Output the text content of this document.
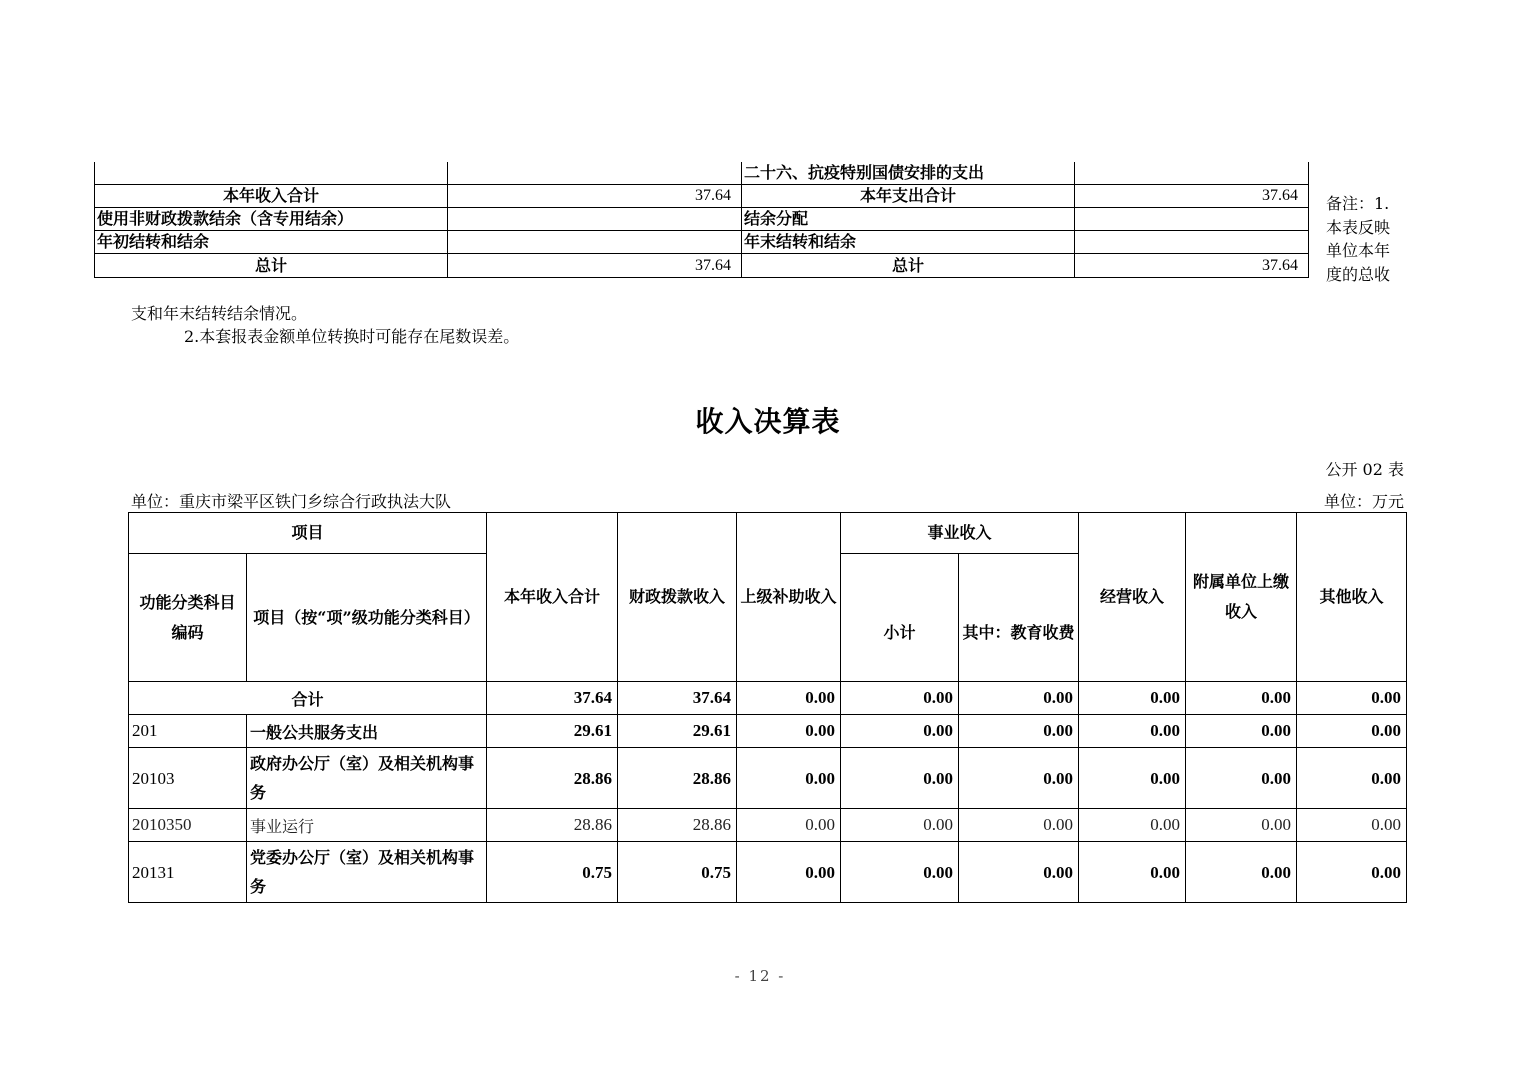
		二十六、抗疫特别国债安排的支出	
本年收入合计	37.64	本年支出合计	37.64
使用非财政拨款结余（含专用结余）		结余分配	
年初结转和结余		年末结转和结余	
总计	37.64	总计	37.64
备注：1.本表反映单位本年度的总收
支和年末结转结余情况。
2.本套报表金额单位转换时可能存在尾数误差。
收入决算表
公开 02 表
单位：重庆市梁平区铁门乡综合行政执法大队	单位：万元
项目		本年收入合计	财政拨款收入	上级补助收入	事业收入		经营收入	附属单位上缴收入	其他收入
功能分类科目编码	项目（按“项”级功能分类科目）				小计	其中：教育收费			
合计		37.64	37.64	0.00	0.00	0.00	0.00	0.00	0.00
201	一般公共服务支出	29.61	29.61	0.00	0.00	0.00	0.00	0.00	0.00
20103	政府办公厅（室）及相关机构事务	28.86	28.86	0.00	0.00	0.00	0.00	0.00	0.00
2010350	事业运行	28.86	28.86	0.00	0.00	0.00	0.00	0.00	0.00
20131	党委办公厅（室）及相关机构事务	0.75	0.75	0.00	0.00	0.00	0.00	0.00	0.00
- 12 -
